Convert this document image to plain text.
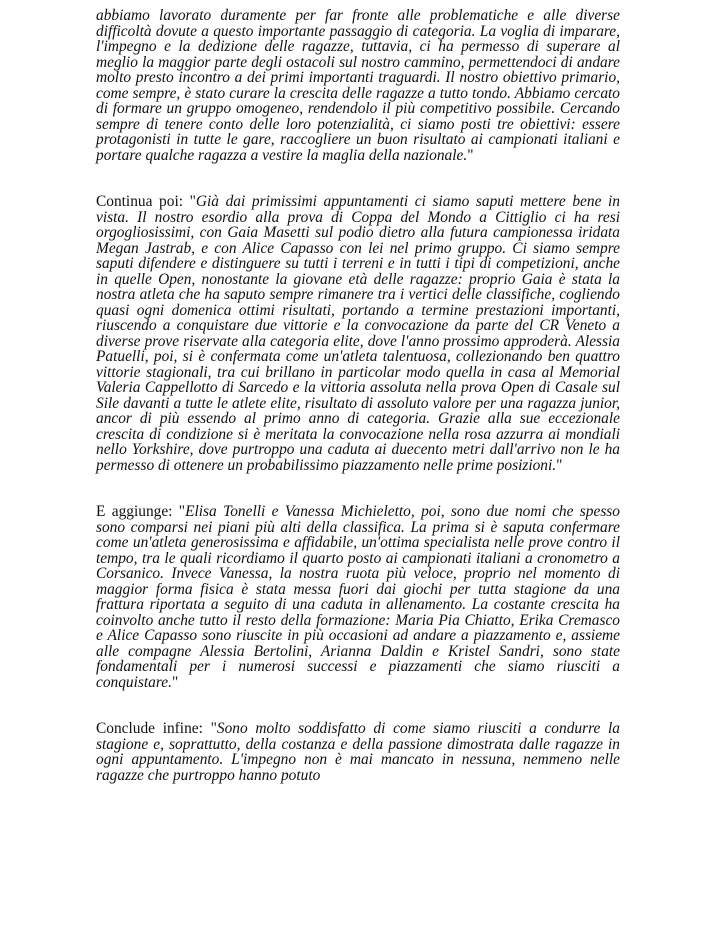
abbiamo lavorato duramente per far fronte alle problematiche e alle diverse difficoltà dovute a questo importante passaggio di categoria. La voglia di imparare, l'impegno e la dedizione delle ragazze, tuttavia, ci ha permesso di superare al meglio la maggior parte degli ostacoli sul nostro cammino, permettendoci di andare molto presto incontro a dei primi importanti traguardi. Il nostro obiettivo primario, come sempre, è stato curare la crescita delle ragazze a tutto tondo. Abbiamo cercato di formare un gruppo omogeneo, rendendolo il più competitivo possibile. Cercando sempre di tenere conto delle loro potenzialità, ci siamo posti tre obiettivi: essere protagonisti in tutte le gare, raccogliere un buon risultato ai campionati italiani e portare qualche ragazza a vestire la maglia della nazionale."

Continua poi: "Già dai primissimi appuntamenti ci siamo saputi mettere bene in vista. Il nostro esordio alla prova di Coppa del Mondo a Cittiglio ci ha resi orgogliosissimi, con Gaia Masetti sul podio dietro alla futura campionessa iridata Megan Jastrab, e con Alice Capasso con lei nel primo gruppo. Ci siamo sempre saputi difendere e distinguere su tutti i terreni e in tutti i tipi di competizioni, anche in quelle Open, nonostante la giovane età delle ragazze: proprio Gaia è stata la nostra atleta che ha saputo sempre rimanere tra i vertici delle classifiche, cogliendo quasi ogni domenica ottimi risultati, portando a termine prestazioni importanti, riuscendo a conquistare due vittorie e la convocazione da parte del CR Veneto a diverse prove riservate alla categoria elite, dove l'anno prossimo approderà. Alessia Patuelli, poi, si è confermata come un'atleta talentuosa, collezionando ben quattro vittorie stagionali, tra cui brillano in particolar modo quella in casa al Memorial Valeria Cappellotto di Sarcedo e la vittoria assoluta nella prova Open di Casale sul Sile davanti a tutte le atlete elite, risultato di assoluto valore per una ragazza junior, ancor di più essendo al primo anno di categoria. Grazie alla sue eccezionale crescita di condizione si è meritata la convocazione nella rosa azzurra ai mondiali nello Yorkshire, dove purtroppo una caduta ai duecento metri dall'arrivo non le ha permesso di ottenere un probabilissimo piazzamento nelle prime posizioni."

E aggiunge: "Elisa Tonelli e Vanessa Michieletto, poi, sono due nomi che spesso sono comparsi nei piani più alti della classifica. La prima si è saputa confermare come un'atleta generosissima e affidabile, un'ottima specialista nelle prove contro il tempo, tra le quali ricordiamo il quarto posto ai campionati italiani a cronometro a Corsanico. Invece Vanessa, la nostra ruota più veloce, proprio nel momento di maggior forma fisica è stata messa fuori dai giochi per tutta stagione da una frattura riportata a seguito di una caduta in allenamento. La costante crescita ha coinvolto anche tutto il resto della formazione: Maria Pia Chiatto, Erika Cremasco e Alice Capasso sono riuscite in più occasioni ad andare a piazzamento e, assieme alle compagne Alessia Bertolini, Arianna Daldin e Kristel Sandri, sono state fondamentali per i numerosi successi e piazzamenti che siamo riusciti a conquistare."

Conclude infine: "Sono molto soddisfatto di come siamo riusciti a condurre la stagione e, soprattutto, della costanza e della passione dimostrata dalle ragazze in ogni appuntamento. L'impegno non è mai mancato in nessuna, nemmeno nelle ragazze che purtroppo hanno potuto
